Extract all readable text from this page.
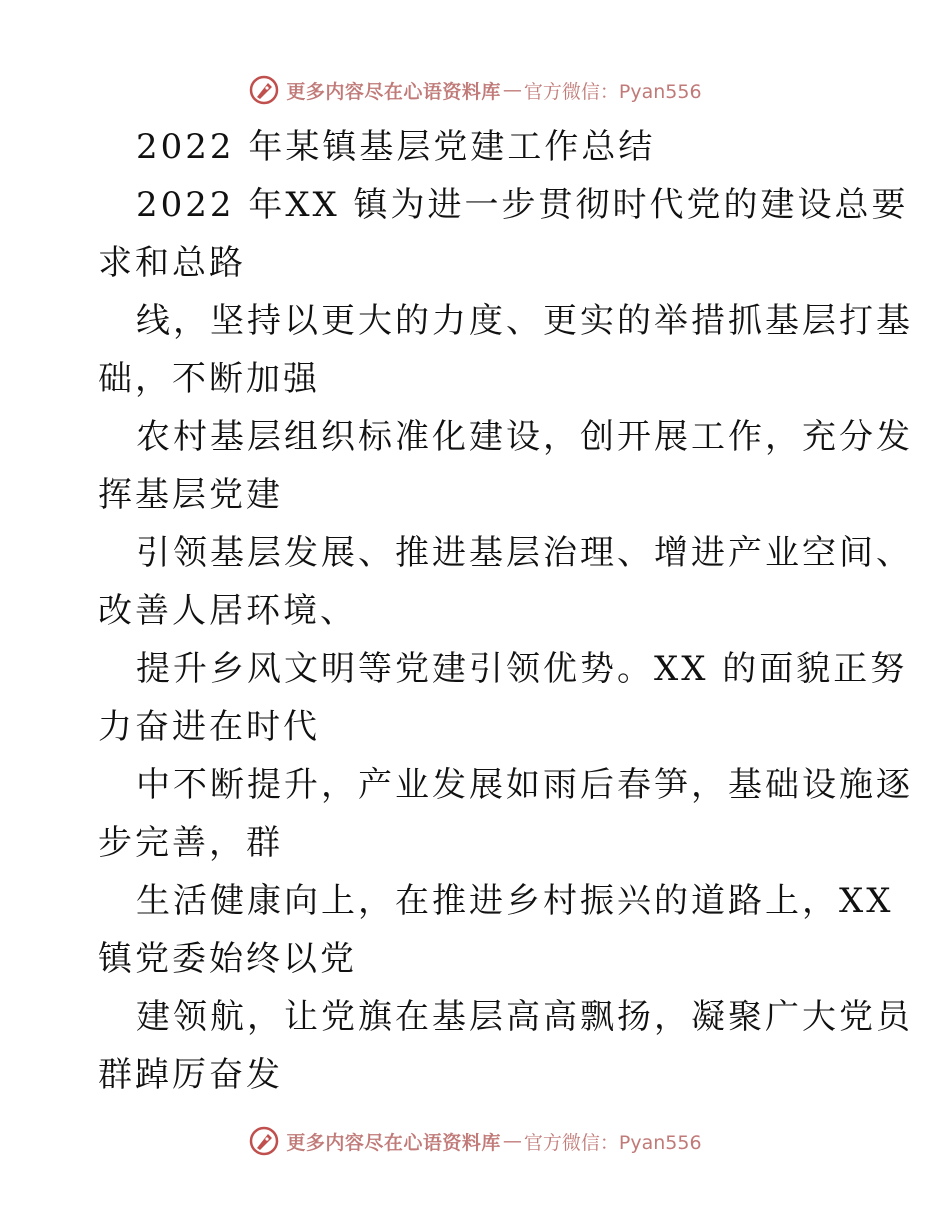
更多内容尽在心语资料库 — 官方微信：Pyan556
2022 年某镇基层党建工作总结
2022 年XX 镇为进一步贯彻时代党的建设总要
求和总路
线，坚持以更大的力度、更实的举措抓基层打基
础，不断加强
农村基层组织标准化建设，创开展工作，充分发
挥基层党建
引领基层发展、推进基层治理、增进产业空间、
改善人居环境、
提升乡风文明等党建引领优势。XX 的面貌正努
力奋进在时代
中不断提升，产业发展如雨后春笋，基础设施逐
步完善，群
生活健康向上，在推进乡村振兴的道路上，XX
镇党委始终以党
建领航，让党旗在基层高高飘扬，凝聚广大党员
群踔厉奋发
更多内容尽在心语资料库 — 官方微信：Pyan556
